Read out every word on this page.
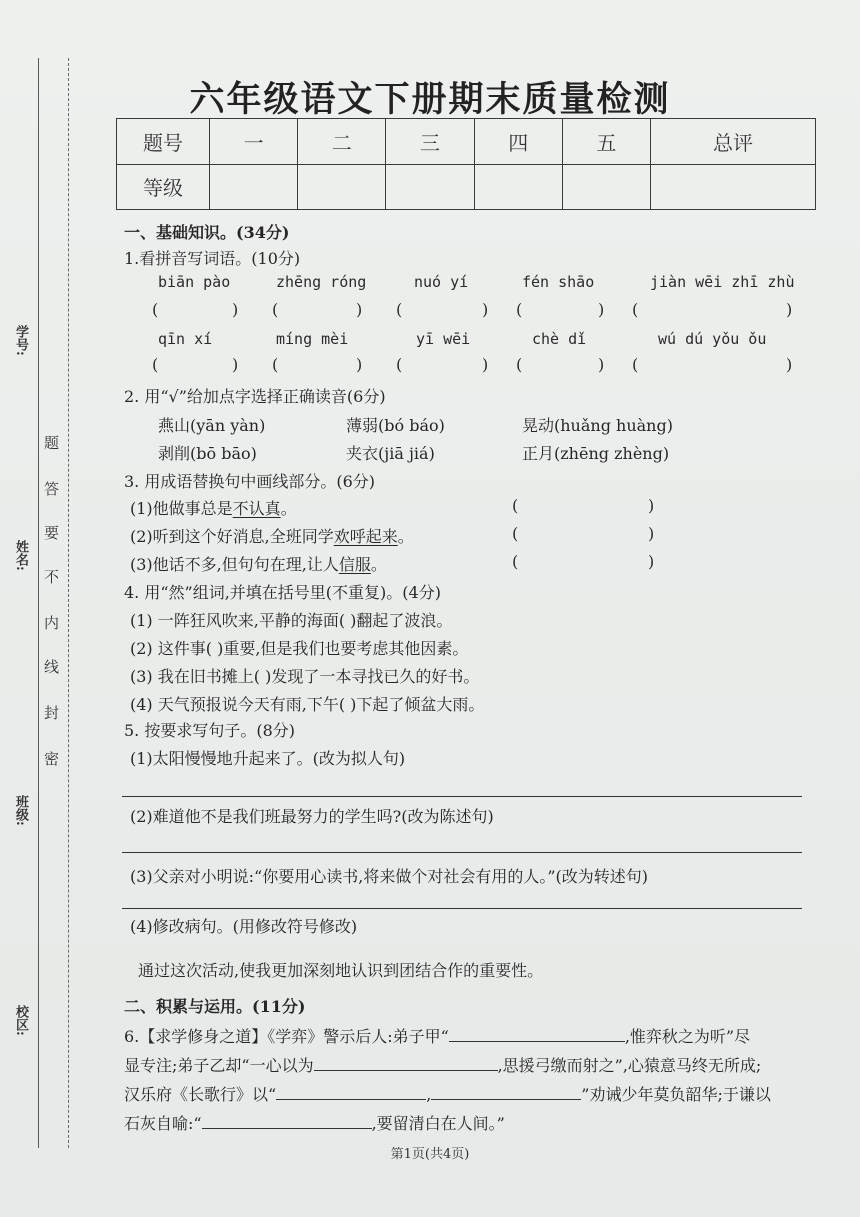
题
答
要
不
内
线
封
密
学号:
姓名:
班级:
校区:
六年级语文下册期末质量检测
题号	一	二	三	四	五	总评
等级						
一、基础知识。(34分)
1.看拼音写词语。(10分)
biān pào	zhēng róng	nuó yí	fén shāo	jiàn wēi zhī zhù
(	) (	) (	) (	) (	)
qīn xí	míng mèi	yī wēi	chè dǐ	wú dú yǒu ǒu
(	) (	) (	) (	) (	)
2. 用“√”给加点字选择正确读音(6分)
燕山(yān yàn)	薄弱(bó báo)	晃动(huǎng huàng)
剥削(bō bāo)	夹衣(jiā jiá)	正月(zhēng zhèng)
3. 用成语替换句中画线部分。(6分)
(1)他做事总是不认真。
(2)听到这个好消息,全班同学欢呼起来。
(3)他话不多,但句句在理,让人信服。
(	)
(	)
(	)
4. 用“然”组词,并填在括号里(不重复)。(4分)
(1) 一阵狂风吹来,平静的海面( )翻起了波浪。
(2) 这件事( )重要,但是我们也要考虑其他因素。
(3) 我在旧书摊上( )发现了一本寻找已久的好书。
(4) 天气预报说今天有雨,下午( )下起了倾盆大雨。
5. 按要求写句子。(8分)
(1)太阳慢慢地升起来了。(改为拟人句)
(2)难道他不是我们班最努力的学生吗?(改为陈述句)
(3)父亲对小明说:“你要用心读书,将来做个对社会有用的人。”(改为转述句)
(4)修改病句。(用修改符号修改)
通过这次活动,使我更加深刻地认识到团结合作的重要性。
二、积累与运用。(11分)
6.【求学修身之道】《学弈》警示后人:弟子甲“	,惟弈秋之为听”尽
显专注;弟子乙却“一心以为	,思援弓缴而射之”,心猿意马终无所成;
汉乐府《长歌行》以“	,	”劝诫少年莫负韶华;于谦以
石灰自喻:“	,要留清白在人间。”
第1页(共4页)
